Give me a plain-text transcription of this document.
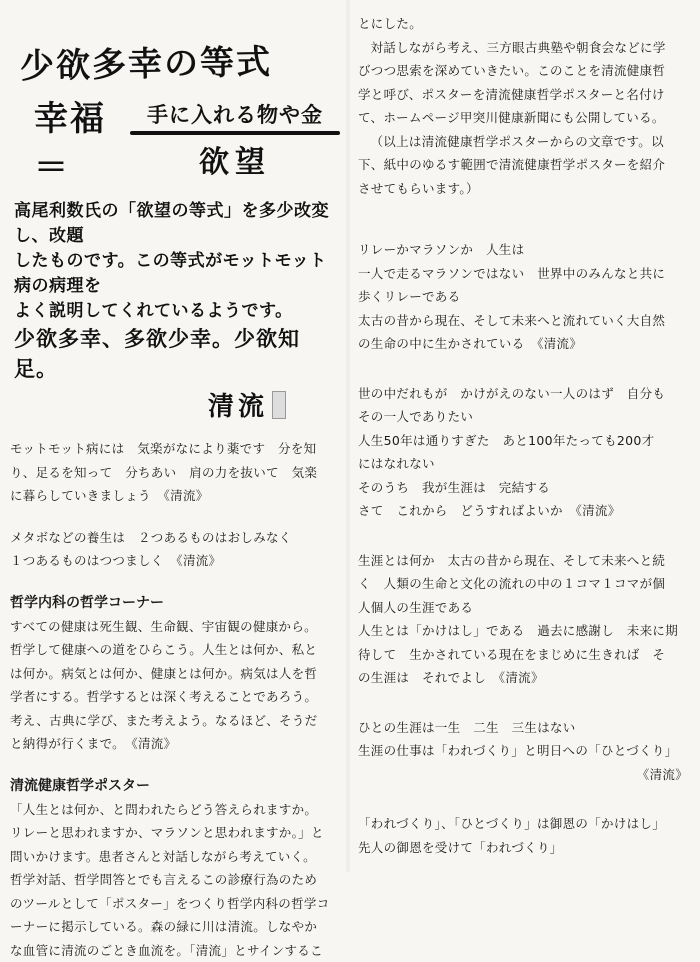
少欲多幸の等式
幸福＝	$\frac{\text{手に入れる物や金}}{\text{欲望}}$
高尾利数氏の「欲望の等式」を多少改変し、改題
したものです。この等式がモットモット病の病理を
よく説明してくれているようです。
少欲多幸、多欲少幸。少欲知足。
清流

モットモット病には　気楽がなにより薬です　分を知

り、足るを知って　分ちあい　肩の力を抜いて　気楽

に暮らしていきましょう　《清流》

メタボなどの養生は　２つあるものはおしみなく

１つあるものはつつましく　《清流》

哲学内科の哲学コーナー

すべての健康は死生観、生命観、宇宙観の健康から。

哲学して健康への道をひらこう。人生とは何か、私と

は何か。病気とは何か、健康とは何か。病気は人を哲

学者にする。哲学するとは深く考えることであろう。

考え、古典に学び、また考えよう。なるほど、そうだ

と納得が行くまで。　《清流》

清流健康哲学ポスター

「人生とは何か、と問われたらどう答えられますか。

リレーと思われますか、マラソンと思われますか。」と

問いかけます。患者さんと対話しながら考えていく。

哲学対話、哲学問答とでも言えるこの診療行為のため

のツールとして「ポスター」をつくり哲学内科の哲学コ

ーナーに掲示している。森の緑に川は清流。しなやか

な血管に清流のごとき血流を。「清流」とサインするこ

とにした。

対話しながら考え、三方眼古典塾や朝食会などに学

びつつ思索を深めていきたい。このことを清流健康哲

学と呼び、ポスターを清流健康哲学ポスターと名付け

て、ホームページ甲突川健康新聞にも公開している。

（以上は清流健康哲学ポスターからの文章です。以

下、紙中のゆるす範囲で清流健康哲学ポスターを紹介

させてもらいます。）

リレーかマラソンか　人生は

一人で走るマラソンではない　世界中のみんなと共に

歩くリレーである

太古の昔から現在、そして未来へと流れていく大自然

の生命の中に生かされている　《清流》

世の中だれもが　かけがえのない一人のはず　自分も

その一人でありたい

人生50年は通りすぎた　あと100年たっても200才

にはなれない

そのうち　我が生涯は　完結する

さて　これから　どうすればよいか　《清流》

生涯とは何か　太古の昔から現在、そして未来へと続

く　人類の生命と文化の流れの中の１コマ１コマが個

人個人の生涯である

人生とは「かけはし」である　過去に感謝し　未来に期

待して　生かされている現在をまじめに生きれば　そ

の生涯は　それでよし　《清流》

ひとの生涯は一生　二生　三生はない

生涯の仕事は「われづくり」と明日への「ひとづくり」

《清流》

「われづくり」、「ひとづくり」は御恩の「かけはし」

先人の御恩を受けて「われづくり」
